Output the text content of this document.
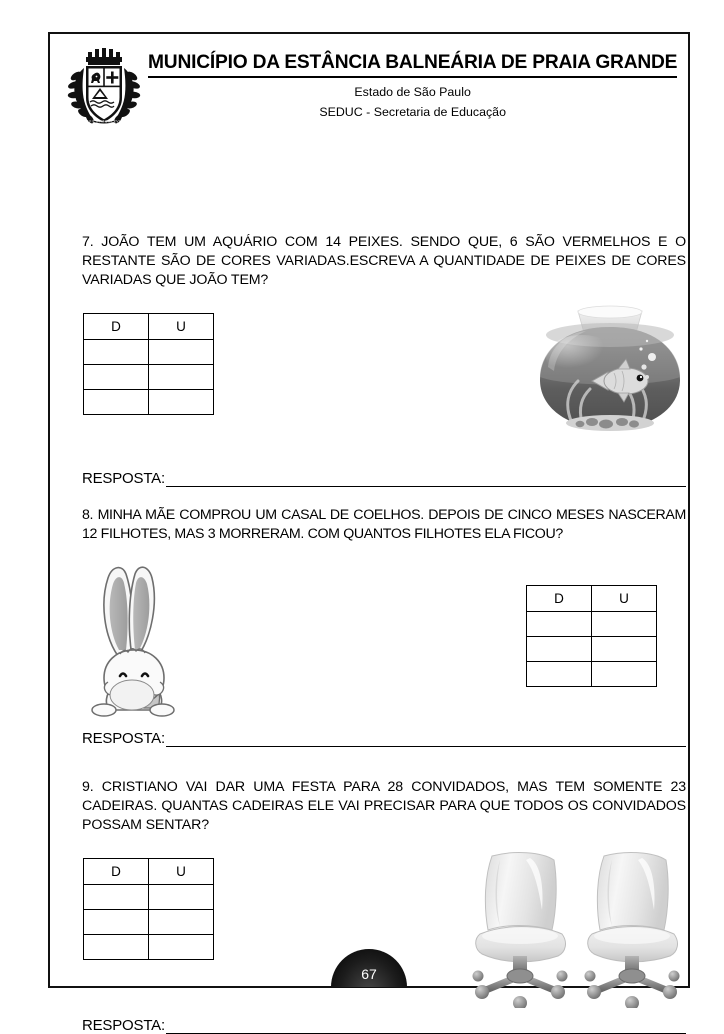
XVII XI MCMLXVII
MUNICÍPIO DA ESTÂNCIA BALNEÁRIA DE PRAIA GRANDE
Estado de São Paulo
SEDUC - Secretaria de Educação

7. JOÃO TEM UM AQUÁRIO COM 14 PEIXES. SENDO QUE, 6 SÃO VERMELHOS E O RESTANTE SÃO DE CORES VARIADAS.ESCREVA A QUANTIDADE DE PEIXES DE CORES VARIADAS QUE JOÃO TEM?

D	U

RESPOSTA:

8. MINHA MÃE COMPROU UM CASAL DE COELHOS. DEPOIS DE CINCO MESES NASCERAM 12 FILHOTES, MAS 3 MORRERAM. COM QUANTOS FILHOTES ELA FICOU?

D	U

RESPOSTA:

9. CRISTIANO VAI DAR UMA FESTA PARA 28 CONVIDADOS, MAS TEM SOMENTE 23 CADEIRAS. QUANTAS CADEIRAS ELE VAI PRECISAR PARA QUE TODOS OS CONVIDADOS POSSAM SENTAR?

D	U

RESPOSTA:
67
